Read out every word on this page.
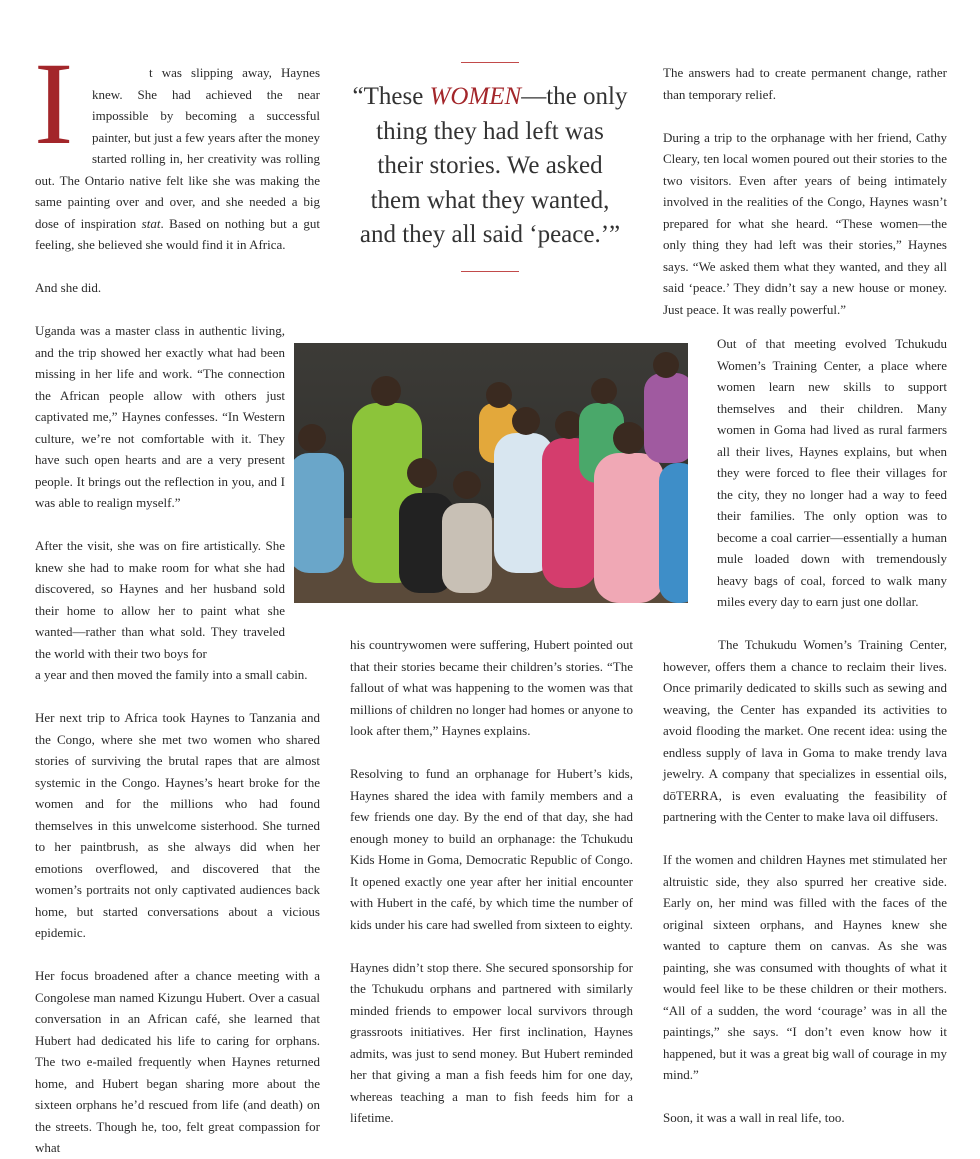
I	“These WOMEN—the only thing they had left was their stories. We asked them what they wanted, and they all said ‘peace.’”

his countrywomen were suffering, Hubert pointed out that their stories became their children’s stories. “The fallout of what was happening to the women was that millions of children no longer had homes or anyone to look after them,” Haynes explains.

Resolving to fund an orphanage for Hubert’s kids, Haynes shared the idea with family members and a few friends one day. By the end of that day, she had enough money to build an orphanage: the Tchukudu Kids Home in Goma, Democratic Republic of Congo. It opened exactly one year after her initial encounter with Hubert in the café, by which time the number of kids under his care had swelled from sixteen to eighty.

Haynes didn’t stop there. She secured sponsorship for the Tchukudu orphans and partnered with similarly minded friends to empower local survivors through grassroots initiatives. Her first inclination, Haynes admits, was just to send money. But Hubert reminded her that giving a man a fish feeds him for one day, whereas teaching a man to fish feeds him for a lifetime.

The answers had to create permanent change, rather than temporary relief.

During a trip to the orphanage with her friend, Cathy Cleary, ten local women poured out their stories to the two visitors. Even after years of being intimately involved in the realities of the Congo, Haynes wasn’t prepared for what she heard. “These women—the only thing they had left was their stories,” Haynes says. “We asked them what they wanted, and they all said ‘peace.’ They didn’t say a new house or money. Just peace. It was really powerful.”

Out of that meeting evolved Tchukudu Women’s Training Center, a place where women learn new skills to support themselves and their children. Many women in Goma had lived as rural farmers all their lives, Haynes explains, but when they were forced to flee their villages for the city, they no longer had a way to feed their families. The only option was to become a coal carrier—essentially a human mule loaded down with tremendously heavy bags of coal, forced to walk many miles every day to earn just one dollar.

The Tchukudu Women’s Training Center, however, offers them a chance to reclaim their lives. Once primarily dedicated to skills such as sewing and weaving, the Center has expanded its activities to avoid flooding the market. One recent idea: using the endless supply of lava in Goma to make trendy lava jewelry. A company that specializes in essential oils, dōTERRA, is even evaluating the feasibility of partnering with the Center to make lava oil diffusers.

If the women and children Haynes met stimulated her altruistic side, they also spurred her creative side. Early on, her mind was filled with the faces of the original sixteen orphans, and Haynes knew she wanted to capture them on canvas. As she was painting, she was consumed with thoughts of what it would feel like to be these children or their mothers. “All of a sudden, the word ‘courage’ was in all the paintings,” she says. “I don’t even know how it happened, but it was a great big wall of courage in my mind.”

Soon, it was a wall in real life, too.

t was slipping away, Haynes knew. She had achieved the near impossible by becoming a successful painter, but just a few years after the money started rolling in, her creativity was rolling out. The Ontario native felt like she was making the same painting over and over, and she needed a big dose of inspiration stat. Based on nothing but a gut feeling, she believed she would find it in Africa.

And she did.

Uganda was a master class in authentic living, and the trip showed her exactly what had been missing in her life and work. “The connection the African people allow with others just captivated me,” Haynes confesses. “In Western culture, we’re not comfortable with it. They have such open hearts and are a very present people. It brings out the reflection in you, and I was able to realign myself.”

After the visit, she was on fire artistically. She knew she had to make room for what she had discovered, so Haynes and her husband sold their home to allow her to paint what she wanted—rather than what sold. They traveled the world with their two boys for

a year and then moved the family into a small cabin.

Her next trip to Africa took Haynes to Tanzania and the Congo, where she met two women who shared stories of surviving the brutal rapes that are almost systemic in the Congo. Haynes’s heart broke for the women and for the millions who had found themselves in this unwelcome sisterhood. She turned to her paintbrush, as she always did when her emotions overflowed, and discovered that the women’s portraits not only captivated audiences back home, but started conversations about a vicious epidemic.

Her focus broadened after a chance meeting with a Congolese man named Kizungu Hubert. Over a casual conversation in an African café, she learned that Hubert had dedicated his life to caring for orphans. The two e-mailed frequently when Haynes returned home, and Hubert began sharing more about the sixteen orphans he’d rescued from life (and death) on the streets. Though he, too, felt great compassion for what
